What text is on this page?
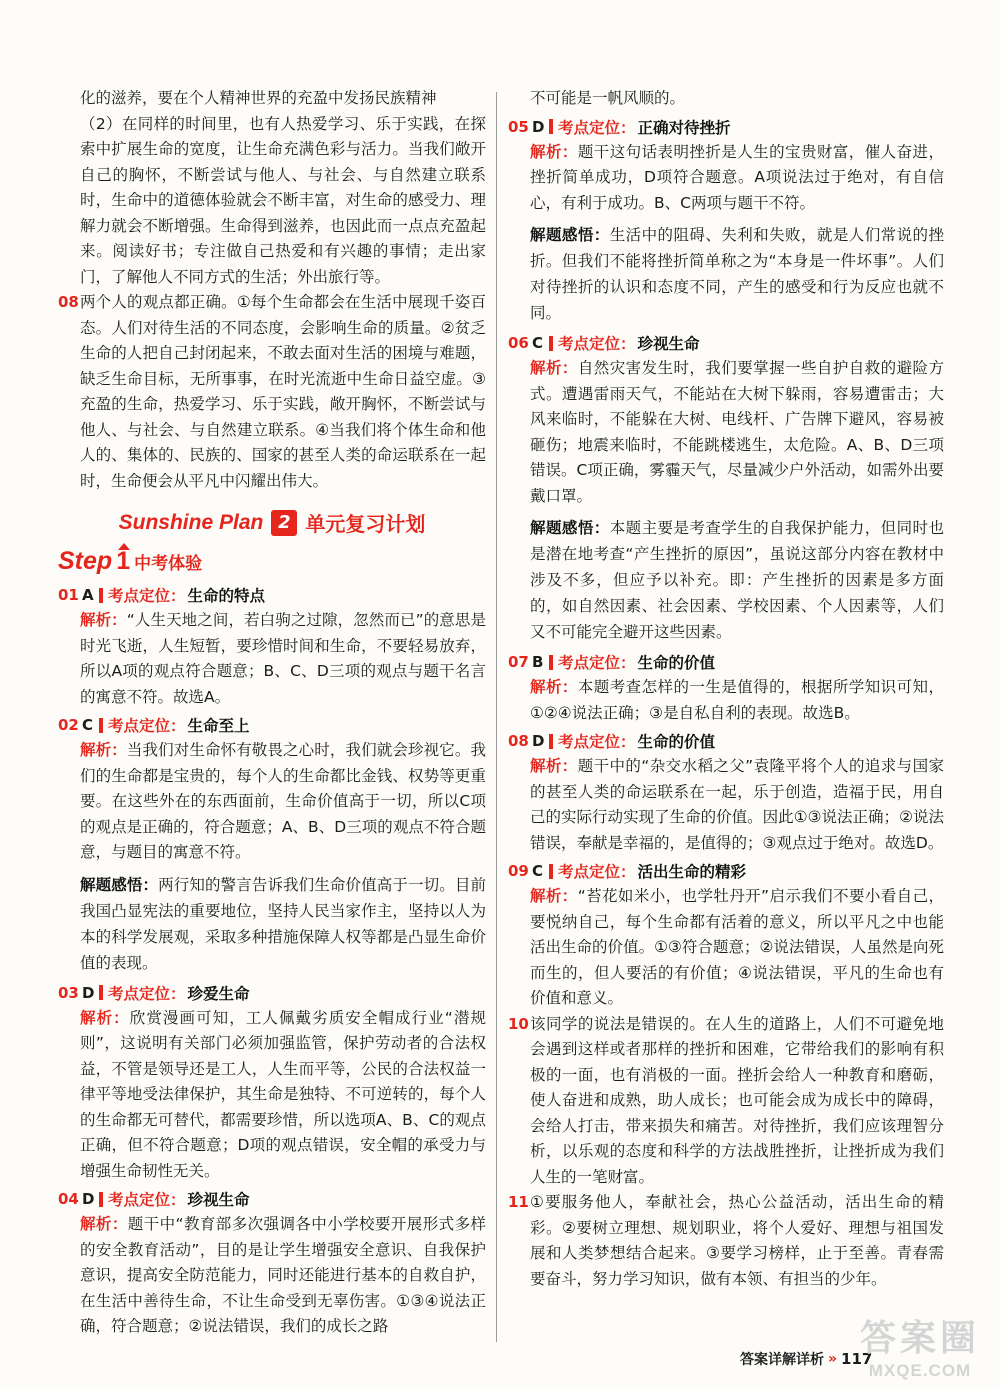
化的滋养，要在个人精神世界的充盈中发扬民族精神

（2）在同样的时间里，也有人热爱学习、乐于实践，在探索中扩展生命的宽度，让生命充满色彩与活力。当我们敞开自己的胸怀，不断尝试与他人、与社会、与自然建立联系时，生命中的道德体验就会不断丰富，对生命的感受力、理解力就会不断增强。生命得到滋养，也因此而一点点充盈起来。阅读好书；专注做自己热爱和有兴趣的事情；走出家门，了解他人不同方式的生活；外出旅行等。

08 两个人的观点都正确。①每个生命都会在生活中展现千姿百态。人们对待生活的不同态度，会影响生命的质量。②贫乏生命的人把自己封闭起来，不敢去面对生活的困境与难题，缺乏生命目标，无所事事，在时光流逝中生命日益空虚。③充盈的生命，热爱学习、乐于实践，敞开胸怀，不断尝试与他人、与社会、与自然建立联系。④当我们将个体生命和他人的、集体的、民族的、国家的甚至人类的命运联系在一起时，生命便会从平凡中闪耀出伟大。
Sunshine Plan 2 单元复习计划
Step 1 中考体验
01 A 考点定位： 生命的特点
解析：“人生天地之间，若白驹之过隙，忽然而已”的意思是时光飞逝，人生短暂，要珍惜时间和生命，不要轻易放弃，所以A项的观点符合题意；B、C、D三项的观点与题干名言的寓意不符。故选A。
02 C 考点定位： 生命至上
解析：当我们对生命怀有敬畏之心时，我们就会珍视它。我们的生命都是宝贵的，每个人的生命都比金钱、权势等更重要。在这些外在的东西面前，生命价值高于一切，所以C项的观点是正确的，符合题意；A、B、D三项的观点不符合题意，与题目的寓意不符。
解题感悟：两行知的警言告诉我们生命价值高于一切。目前我国凸显宪法的重要地位，坚持人民当家作主，坚持以人为本的科学发展观，采取多种措施保障人权等都是凸显生命价值的表现。
03 D 考点定位： 珍爱生命
解析：欣赏漫画可知，工人佩戴劣质安全帽成行业“潜规则”，这说明有关部门必须加强监管，保护劳动者的合法权益，不管是领导还是工人，人生而平等，公民的合法权益一律平等地受法律保护，其生命是独特、不可逆转的，每个人的生命都无可替代，都需要珍惜，所以选项A、B、C的观点正确，但不符合题意；D项的观点错误，安全帽的承受力与增强生命韧性无关。
04 D 考点定位： 珍视生命
解析：题干中“教育部多次强调各中小学校要开展形式多样的安全教育活动”，目的是让学生增强安全意识、自我保护意识，提高安全防范能力，同时还能进行基本的自救自护，在生活中善待生命，不让生命受到无辜伤害。①③④说法正确，符合题意；②说法错误，我们的成长之路

不可能是一帆风顺的。

05 D 考点定位： 正确对待挫折
解析：题干这句话表明挫折是人生的宝贵财富，催人奋进，挫折简单成功，D项符合题意。A项说法过于绝对，有自信心，有利于成功。B、C两项与题干不符。
解题感悟：生活中的阻碍、失利和失败，就是人们常说的挫折。但我们不能将挫折简单称之为“本身是一件坏事”。人们对待挫折的认识和态度不同，产生的感受和行为反应也就不同。
06 C 考点定位： 珍视生命
解析：自然灾害发生时，我们要掌握一些自护自救的避险方式。遭遇雷雨天气，不能站在大树下躲雨，容易遭雷击；大风来临时，不能躲在大树、电线杆、广告牌下避风，容易被砸伤；地震来临时，不能跳楼逃生，太危险。A、B、D三项错误。C项正确，雾霾天气，尽量减少户外活动，如需外出要戴口罩。
解题感悟：本题主要是考查学生的自我保护能力，但同时也是潜在地考查“产生挫折的原因”，虽说这部分内容在教材中涉及不多，但应予以补充。即：产生挫折的因素是多方面的，如自然因素、社会因素、学校因素、个人因素等，人们又不可能完全避开这些因素。
07 B 考点定位： 生命的价值
解析：本题考查怎样的一生是值得的，根据所学知识可知，①②④说法正确；③是自私自利的表现。故选B。
08 D 考点定位： 生命的价值
解析：题干中的“杂交水稻之父”袁隆平将个人的追求与国家的甚至人类的命运联系在一起，乐于创造，造福于民，用自己的实际行动实现了生命的价值。因此①③说法正确；②说法错误，奉献是幸福的，是值得的；③观点过于绝对。故选D。
09 C 考点定位： 活出生命的精彩
解析：“苔花如米小，也学牡丹开”启示我们不要小看自己，要悦纳自己，每个生命都有活着的意义，所以平凡之中也能活出生命的价值。①③符合题意；②说法错误，人虽然是向死而生的，但人要活的有价值；④说法错误，平凡的生命也有价值和意义。
10 该同学的说法是错误的。在人生的道路上，人们不可避免地会遇到这样或者那样的挫折和困难，它带给我们的影响有积极的一面，也有消极的一面。挫折会给人一种教育和磨砺，使人奋进和成熟，助人成长；也可能会成为成长中的障碍，会给人打击，带来损失和痛苦。对待挫折，我们应该理智分析，以乐观的态度和科学的方法战胜挫折，让挫折成为我们人生的一笔财富。
11 ①要服务他人，奉献社会，热心公益活动，活出生命的精彩。②要树立理想、规划职业，将个人爱好、理想与祖国发展和人类梦想结合起来。③要学习榜样，止于至善。青春需要奋斗，努力学习知识，做有本领、有担当的少年。
答案详解详析 » 117
答案圈
MXQE.COM
